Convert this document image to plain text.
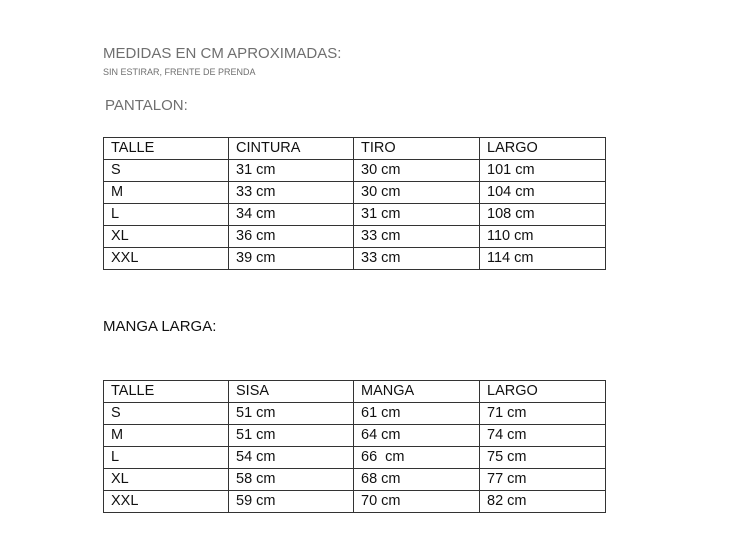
MEDIDAS EN CM APROXIMADAS:
SIN ESTIRAR, FRENTE DE PRENDA
PANTALON:
TALLE	CINTURA	TIRO	LARGO
S	31 cm	30 cm	101 cm
M	33 cm	30 cm	104 cm
L	34 cm	31 cm	108 cm
XL	36 cm	33 cm	110 cm
XXL	39 cm	33 cm	114 cm
MANGA LARGA:
TALLE	SISA	MANGA	LARGO
S	51 cm	61 cm	71 cm
M	51 cm	64 cm	74 cm
L	54 cm	66  cm	75 cm
XL	58 cm	68 cm	77 cm
XXL	59 cm	70 cm	82 cm
